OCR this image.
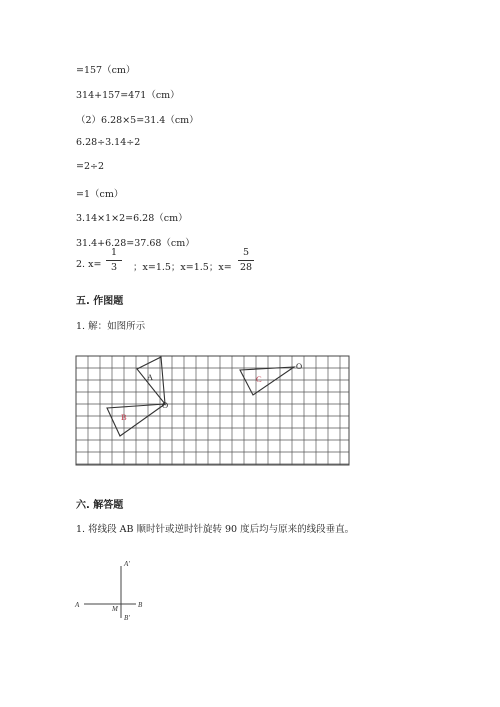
=157（cm）
314+157=471（cm）
（2）6.28×5=31.4（cm）
6.28÷3.14÷2
=2÷2
=1（cm）
3.14×1×2=6.28（cm）
31.4+6.28=37.68（cm）
2. x=
1
3	；x=1.5；x=1.5；x=
5
28
五. 作图题
1. 解：如图所示
A
B
C
O
O
六. 解答题
1. 将线段 AB 顺时针或逆时针旋转 90 度后均与原来的线段垂直。
A'
A	M	B
B'
